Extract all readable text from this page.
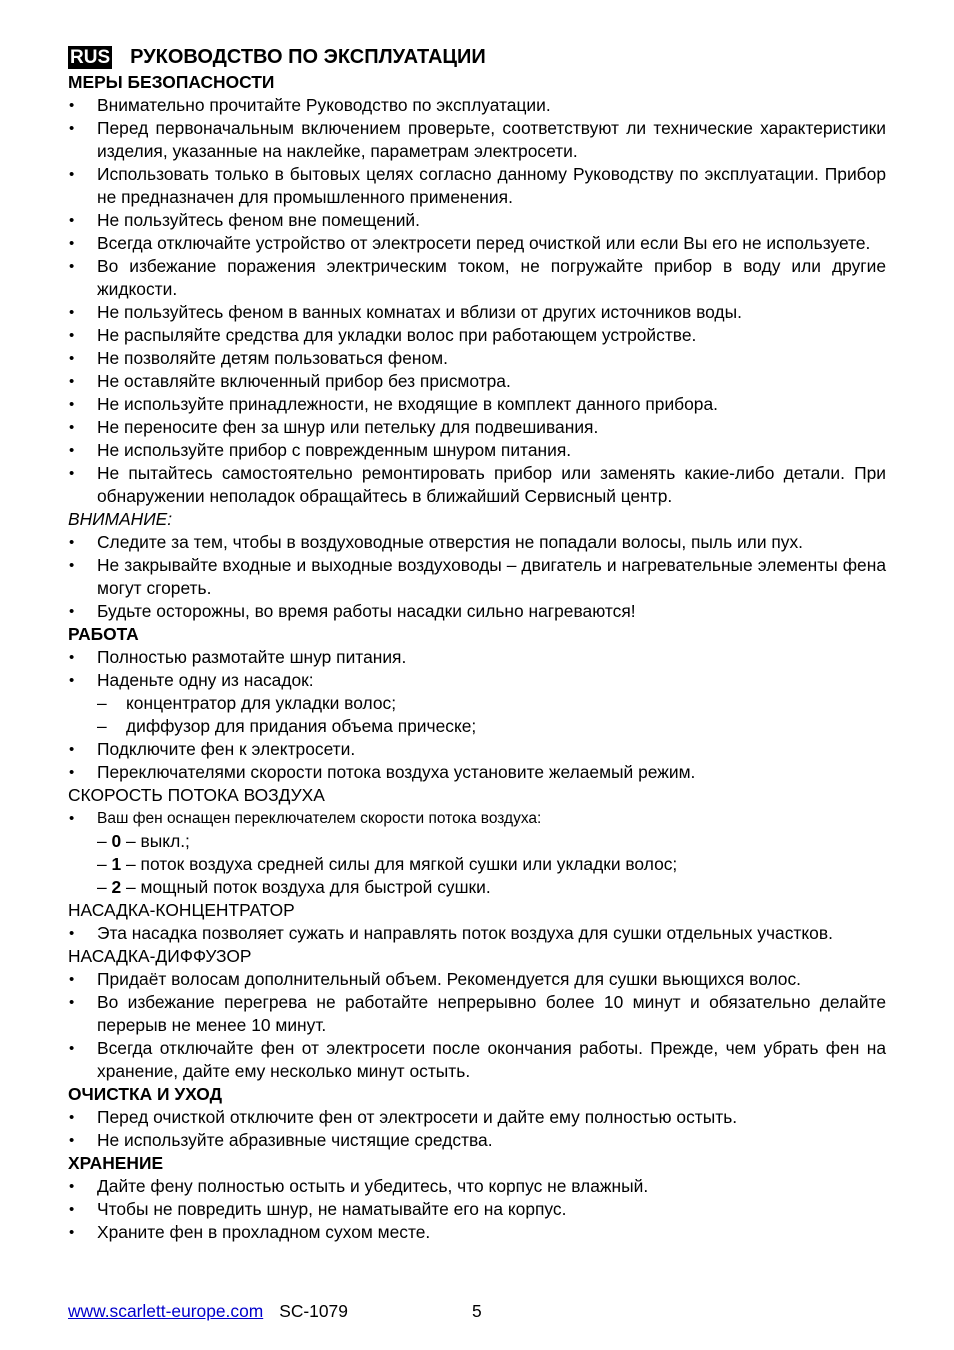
RUS РУКОВОДСТВО ПО ЭКСПЛУАТАЦИИ
МЕРЫ БЕЗОПАСНОСТИ
• Внимательно прочитайте Руководство по эксплуатации.
• Перед первоначальным включением проверьте, соответствуют ли технические характеристики изделия, указанные на наклейке, параметрам электросети.
• Использовать только в бытовых целях согласно данному Руководству по эксплуатации. Прибор не предназначен для промышленного применения.
• Не пользуйтесь феном вне помещений.
• Всегда отключайте устройство от электросети перед очисткой или если Вы его не используете.
• Во избежание поражения электрическим током, не погружайте прибор в воду или другие жидкости.
• Не пользуйтесь феном в ванных комнатах и вблизи от других источников воды.
• Не распыляйте средства для укладки волос при работающем устройстве.
• Не позволяйте детям пользоваться феном.
• Не оставляйте включенный прибор без присмотра.
• Не используйте принадлежности, не входящие в комплект данного прибора.
• Не переносите фен за шнур или петельку для подвешивания.
• Не используйте прибор с поврежденным шнуром питания.
• Не пытайтесь самостоятельно ремонтировать прибор или заменять какие-либо детали. При обнаружении неполадок обращайтесь в ближайший Сервисный центр.
ВНИМАНИЕ:
• Следите за тем, чтобы в воздуховодные отверстия не попадали волосы, пыль или пух.
• Не закрывайте входные и выходные воздуховоды – двигатель и нагревательные элементы фена могут сгореть.
• Будьте осторожны, во время работы насадки сильно нагреваются!
РАБОТА
• Полностью размотайте шнур питания.
• Наденьте одну из насадок:
– концентратор для укладки волос;
– диффузор для придания объема прическе;
• Подключите фен к электросети.
• Переключателями скорости потока воздуха установите желаемый режим.
СКОРОСТЬ ПОТОКА ВОЗДУХА
• Ваш фен оснащен переключателем скорости потока воздуха:
– 0 – выкл.;
– 1 – поток воздуха средней силы для мягкой сушки или укладки волос;
– 2 – мощный поток воздуха для быстрой сушки.
НАСАДКА-КОНЦЕНТРАТОР
• Эта насадка позволяет сужать и направлять поток воздуха для сушки отдельных участков.
НАСАДКА-ДИФФУЗОР
• Придаёт волосам дополнительный объем. Рекомендуется для сушки вьющихся волос.
• Во избежание перегрева не работайте непрерывно более 10 минут и обязательно делайте перерыв не менее 10 минут.
• Всегда отключайте фен от электросети после окончания работы. Прежде, чем убрать фен на хранение, дайте ему несколько минут остыть.
ОЧИСТКА И УХОД
• Перед очисткой отключите фен от электросети и дайте ему полностью остыть.
• Не используйте абразивные чистящие средства.
ХРАНЕНИЕ
• Дайте фену полностью остыть и убедитесь, что корпус не влажный.
• Чтобы не повредить шнур, не наматывайте его на корпус.
• Храните фен в прохладном сухом месте.
www.scarlett-europe.com SC-1079	5
